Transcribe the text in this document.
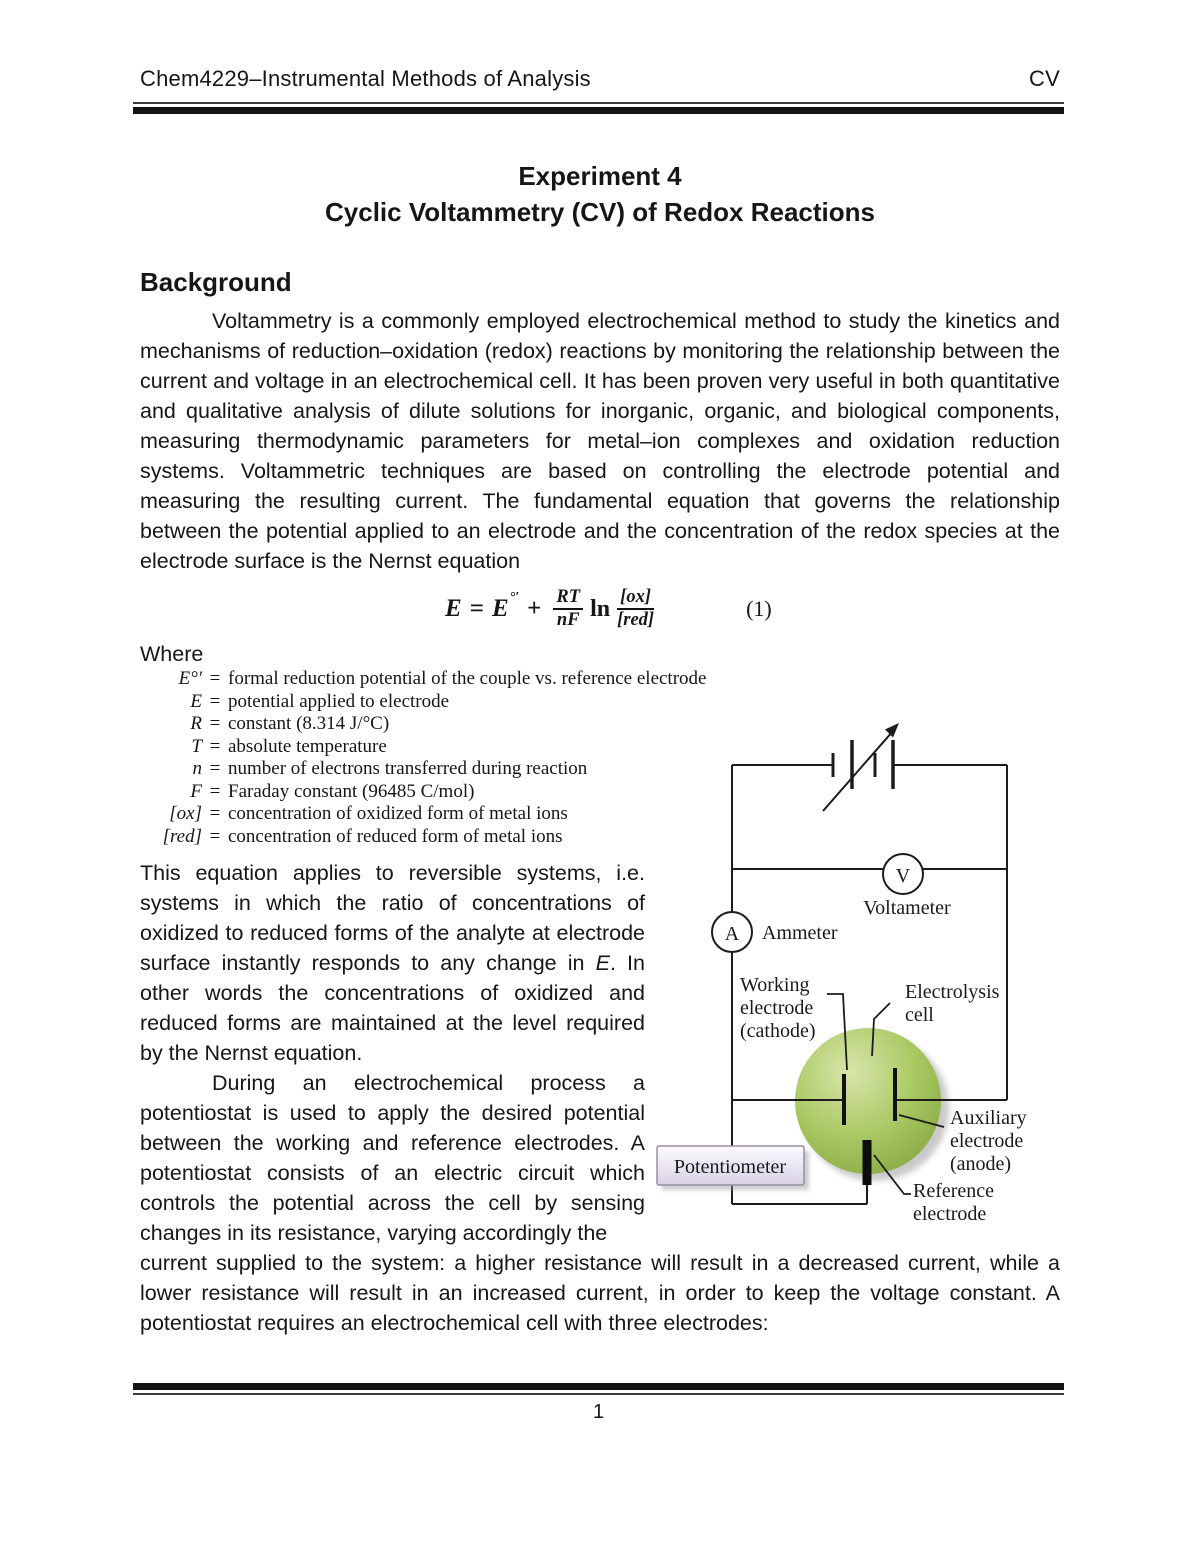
Chem4229–Instrumental Methods of Analysis	CV
Experiment 4
Cyclic Voltammetry (CV) of Redox Reactions
Background

Voltammetry is a commonly employed electrochemical method to study the kinetics and mechanisms of reduction–oxidation (redox) reactions by monitoring the relationship between the current and voltage in an electrochemical cell. It has been proven very useful in both quantitative and qualitative analysis of dilute solutions for inorganic, organic, and biological components, measuring thermodynamic parameters for metal–ion complexes and oxidation reduction systems. Voltammetric techniques are based on controlling the electrode potential and measuring the resulting current. The fundamental equation that governs the relationship between the potential applied to an electrode and the concentration of the redox species at the electrode surface is the Nernst equation

$E = E^{^\circ'} + \frac{RT}{nF}$ $\ln \frac{[ox]}{\text{[red]}}$	(1)
Where
E°′ = formal reduction potential of the couple vs. reference electrode
E = potential applied to electrode
R = constant (8.314 J/°C)
T = absolute temperature
n = number of electrons transferred during reaction
F = Faraday constant (96485 C/mol)
[ox] = concentration of oxidized form of metal ions
[red] = concentration of reduced form of metal ions

This equation applies to reversible systems, i.e. systems in which the ratio of concentrations of oxidized to reduced forms of the analyte at electrode surface instantly responds to any change in E. In other words the concentrations of oxidized and reduced forms are maintained at the level required by the Nernst equation.

During an electrochemical process a potentiostat is used to apply the desired potential between the working and reference electrodes. A potentiostat consists of an electric circuit which controls the potential across the cell by sensing changes in its resistance, varying accordingly the

current supplied to the system: a higher resistance will result in a decreased current, while a lower resistance will result in an increased current, in order to keep the voltage constant. A potentiostat requires an electrochemical cell with three electrodes:

V
A
Potentiometer
Voltameter
Ammeter
Working
electrode
(cathode)
Electrolysis
cell
Auxiliary
electrode
(anode)
Reference
electrode
1
